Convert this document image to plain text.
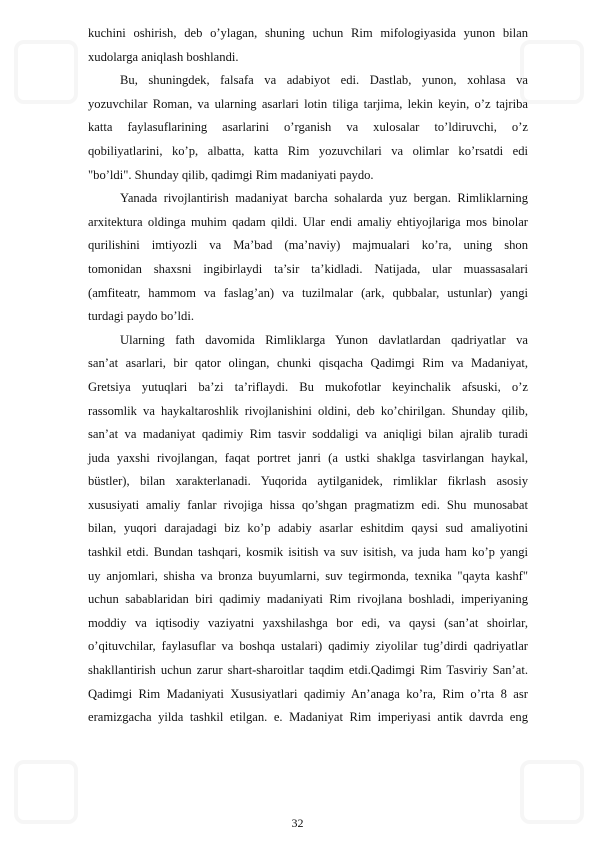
kuchini oshirish, deb o’ylagan, shuning uchun Rim mifologiyasida yunon bilan
xudolarga aniqlash boshlandi.
Bu, shuningdek, falsafa va adabiyot edi. Dastlab, yunon, xohlasa va
yozuvchilar Roman, va ularning asarlari lotin tiliga tarjima, lekin keyin, o’z tajriba
katta faylasuflarining asarlarini o’rganish va xulosalar to’ldiruvchi, o’z
qobiliyatlarini, ko’p, albatta, katta Rim yozuvchilari va olimlar ko’rsatdi edi
"bo’ldi". Shunday qilib, qadimgi Rim madaniyati paydo.
Yanada rivojlantirish madaniyat barcha sohalarda yuz bergan. Rimliklarning
arxitektura oldinga muhim qadam qildi. Ular endi amaliy ehtiyojlariga mos binolar
qurilishini imtiyozli va Ma’bad (ma’naviy) majmualari ko’ra, uning shon
tomonidan shaxsni ingibirlaydi ta’sir ta’kidladi. Natijada, ular muassasalari
(amfiteatr, hammom va faslag’an) va tuzilmalar (ark, qubbalar, ustunlar) yangi
turdagi paydo bo’ldi.
Ularning fath davomida Rimliklarga Yunon davlatlardan qadriyatlar va
san’at asarlari, bir qator olingan, chunki qisqacha Qadimgi Rim va Madaniyat,
Gretsiya yutuqlari ba’zi ta’riflaydi. Bu mukofotlar keyinchalik afsuski, o’z
rassomlik va haykaltaroshlik rivojlanishini oldini, deb ko’chirilgan. Shunday qilib,
san’at va madaniyat qadimiy Rim tasvir soddaligi va aniqligi bilan ajralib turadi
juda yaxshi rivojlangan, faqat portret janri (a ustki shaklga tasvirlangan haykal,
büstler), bilan xarakterlanadi. Yuqorida aytilganidek, rimliklar fikrlash asosiy
xususiyati amaliy fanlar rivojiga hissa qo’shgan pragmatizm edi. Shu munosabat
bilan, yuqori darajadagi biz ko’p adabiy asarlar eshitdim qaysi sud amaliyotini
tashkil etdi. Bundan tashqari, kosmik isitish va suv isitish, va juda ham ko’p yangi
uy anjomlari, shisha va bronza buyumlarni, suv tegirmonda, texnika "qayta kashf"
uchun sabablaridan biri qadimiy madaniyati Rim rivojlana boshladi, imperiyaning
moddiy va iqtisodiy vaziyatni yaxshilashga bor edi, va qaysi (san’at shoirlar,
o’qituvchilar, faylasuflar va boshqa ustalari) qadimiy ziyolilar tug’dirdi qadriyatlar
shakllantirish uchun zarur shart-sharoitlar taqdim etdi.Qadimgi Rim Tasviriy San’at.
Qadimgi Rim Madaniyati Xususiyatlari qadimiy An’anaga ko’ra, Rim o’rta 8 asr
eramizgacha yilda tashkil etilgan. e. Madaniyat Rim imperiyasi antik davrda eng
32
